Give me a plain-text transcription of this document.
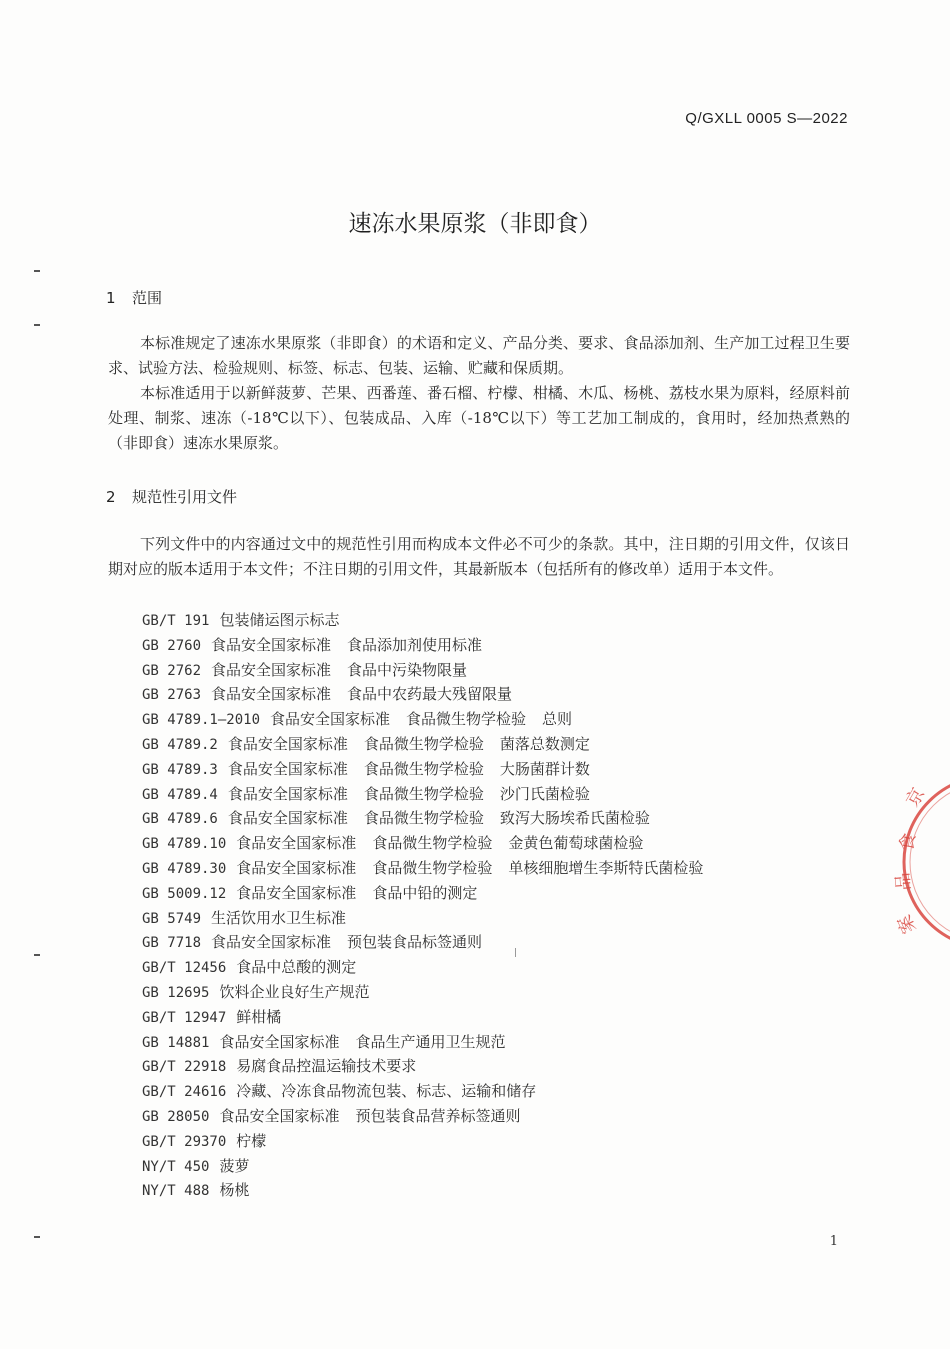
Q/GXLL 0005 S—2022
速冻水果原浆（非即食）
1 范围
本标准规定了速冻水果原浆（非即食）的术语和定义、产品分类、要求、食品添加剂、生产加工过程卫生要求、试验方法、检验规则、标签、标志、包装、运输、贮藏和保质期。
本标准适用于以新鲜菠萝、芒果、西番莲、番石榴、柠檬、柑橘、木瓜、杨桃、荔枝水果为原料，经原料前处理、制浆、速冻（-18℃以下）、包装成品、入库（-18℃以下）等工艺加工制成的，食用时，经加热煮熟的（非即食）速冻水果原浆。
2 规范性引用文件
下列文件中的内容通过文中的规范性引用而构成本文件必不可少的条款。其中，注日期的引用文件，仅该日期对应的版本适用于本文件；不注日期的引用文件，其最新版本（包括所有的修改单）适用于本文件。
GB/T 191 包装储运图示标志
GB 2760 食品安全国家标准 食品添加剂使用标准
GB 2762 食品安全国家标准 食品中污染物限量
GB 2763 食品安全国家标准 食品中农药最大残留限量
GB 4789.1—2010 食品安全国家标准 食品微生物学检验 总则
GB 4789.2 食品安全国家标准 食品微生物学检验 菌落总数测定
GB 4789.3 食品安全国家标准 食品微生物学检验 大肠菌群计数
GB 4789.4 食品安全国家标准 食品微生物学检验 沙门氏菌检验
GB 4789.6 食品安全国家标准 食品微生物学检验 致泻大肠埃希氏菌检验
GB 4789.10 食品安全国家标准 食品微生物学检验 金黄色葡萄球菌检验
GB 4789.30 食品安全国家标准 食品微生物学检验 单核细胞增生李斯特氏菌检验
GB 5009.12 食品安全国家标准 食品中铅的测定
GB 5749 生活饮用水卫生标准
GB 7718 食品安全国家标准 预包装食品标签通则
GB/T 12456 食品中总酸的测定
GB 12695 饮料企业良好生产规范
GB/T 12947 鲜柑橘
GB 14881 食品安全国家标准 食品生产通用卫生规范
GB/T 22918 易腐食品控温运输技术要求
GB/T 24616 冷藏、冷冻食品物流包装、标志、运输和储存
GB 28050 食品安全国家标准 预包装食品营养标签通则
GB/T 29370 柠檬
NY/T 450 菠萝
NY/T 488 杨桃
1
京
食
品
案
